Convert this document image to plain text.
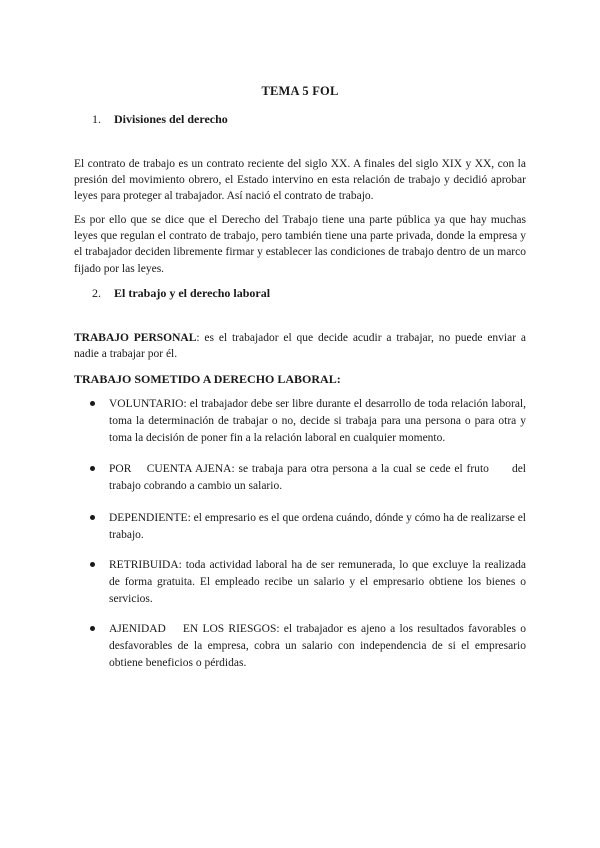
TEMA 5 FOL
1.	Divisiones del derecho
El contrato de trabajo es un contrato reciente del siglo XX. A finales del siglo XIX y XX, con la presión del movimiento obrero, el Estado intervino en esta relación de trabajo y decidió aprobar leyes para proteger al trabajador. Así nació el contrato de trabajo.
Es por ello que se dice que el Derecho del Trabajo tiene una parte pública ya que hay muchas leyes que regulan el contrato de trabajo, pero también tiene una parte privada, donde la empresa y el trabajador deciden libremente firmar y establecer las condiciones de trabajo dentro de un marco fijado por las leyes.
2.	El trabajo y el derecho laboral
TRABAJO PERSONAL: es el trabajador el que decide acudir a trabajar, no puede enviar a nadie a trabajar por él.
TRABAJO SOMETIDO A DERECHO LABORAL:
VOLUNTARIO: el trabajador debe ser libre durante el desarrollo de toda relación laboral, toma la determinación de trabajar o no, decide si trabaja para una persona o para otra y toma la decisión de poner fin a la relación laboral en cualquier momento.
POR    CUENTA AJENA: se trabaja para otra persona a la cual se cede el fruto      del trabajo cobrando a cambio un salario.
DEPENDIENTE: el empresario es el que ordena cuándo, dónde y cómo ha de realizarse el trabajo.
RETRIBUIDA: toda actividad laboral ha de ser remunerada, lo que excluye la realizada de forma gratuita. El empleado recibe un salario y el empresario obtiene los bienes o servicios.
AJENIDAD    EN LOS RIESGOS: el trabajador es ajeno a los resultados favorables o desfavorables de la empresa, cobra un salario con independencia de si el empresario obtiene beneficios o pérdidas.
